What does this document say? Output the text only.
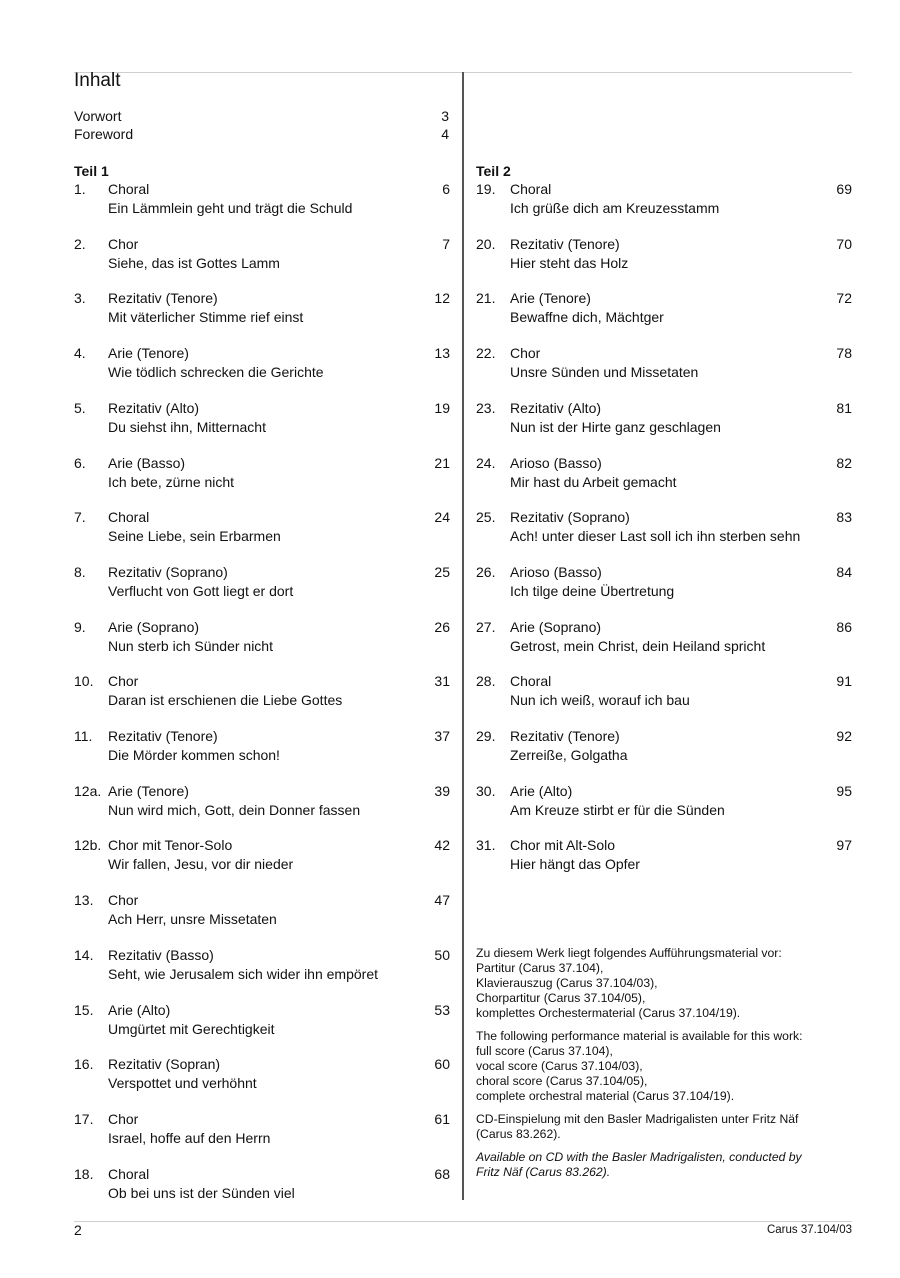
Inhalt
Vorwort	3
Foreword	4
Teil 1	Teil 2
1.	Choral
Ein Lämmlein geht und trägt die Schuld
6
2.	Chor
Siehe, das ist Gottes Lamm
7
3.	Rezitativ (Tenore)
Mit väterlicher Stimme rief einst
12
4.	Arie (Tenore)
Wie tödlich schrecken die Gerichte
13
5.	Rezitativ (Alto)
Du siehst ihn, Mitternacht
19
6.	Arie (Basso)
Ich bete, zürne nicht
21
7.	Choral
Seine Liebe, sein Erbarmen
24
8.	Rezitativ (Soprano)
Verflucht von Gott liegt er dort
25
9.	Arie (Soprano)
Nun sterb ich Sünder nicht
26
10.	Chor
Daran ist erschienen die Liebe Gottes
31
11.	Rezitativ (Tenore)
Die Mörder kommen schon!
37
12a. Arie (Tenore)
Nun wird mich, Gott, dein Donner fassen
39
12b. Chor mit Tenor-Solo
Wir fallen, Jesu, vor dir nieder
42
13.	Chor
Ach Herr, unsre Missetaten
47
14.	Rezitativ (Basso)
Seht, wie Jerusalem sich wider ihn empöret
50
15.	Arie (Alto)
Umgürtet mit Gerechtigkeit
53
16.	Rezitativ (Sopran)
Verspottet und verhöhnt
60
17.	Chor
Israel, hoffe auf den Herrn
61
18.	Choral
Ob bei uns ist der Sünden viel
68
19.	Choral
Ich grüße dich am Kreuzesstamm
69
20.	Rezitativ (Tenore)
Hier steht das Holz
70
21.	Arie (Tenore)
Bewaffne dich, Mächtger
72
22.	Chor
Unsre Sünden und Missetaten
78
23.	Rezitativ (Alto)
Nun ist der Hirte ganz geschlagen
81
24.	Arioso (Basso)
Mir hast du Arbeit gemacht
82
25.	Rezitativ (Soprano)
Ach! unter dieser Last soll ich ihn sterben sehn
83
26.	Arioso (Basso)
Ich tilge deine Übertretung
84
27.	Arie (Soprano)
Getrost, mein Christ, dein Heiland spricht
86
28.	Choral
Nun ich weiß, worauf ich bau
91
29.	Rezitativ (Tenore)
Zerreiße, Golgatha
92
30.	Arie (Alto)
Am Kreuze stirbt er für die Sünden
95
31.	Chor mit Alt-Solo
Hier hängt das Opfer
97
Zu diesem Werk liegt folgendes Aufführungsmaterial vor:
Partitur (Carus 37.104),
Klavierauszug (Carus 37.104/03),
Chorpartitur (Carus 37.104/05),
komplettes Orchestermaterial (Carus 37.104/19).
The following performance material is available for this work:
full score (Carus 37.104),
vocal score (Carus 37.104/03),
choral score (Carus 37.104/05),
complete orchestral material (Carus 37.104/19).
CD-Einspielung mit den Basler Madrigalisten unter Fritz Näf
(Carus 83.262).
Available on CD with the Basler Madrigalisten, conducted by
Fritz Näf (Carus 83.262).
2	Carus 37.104/03
